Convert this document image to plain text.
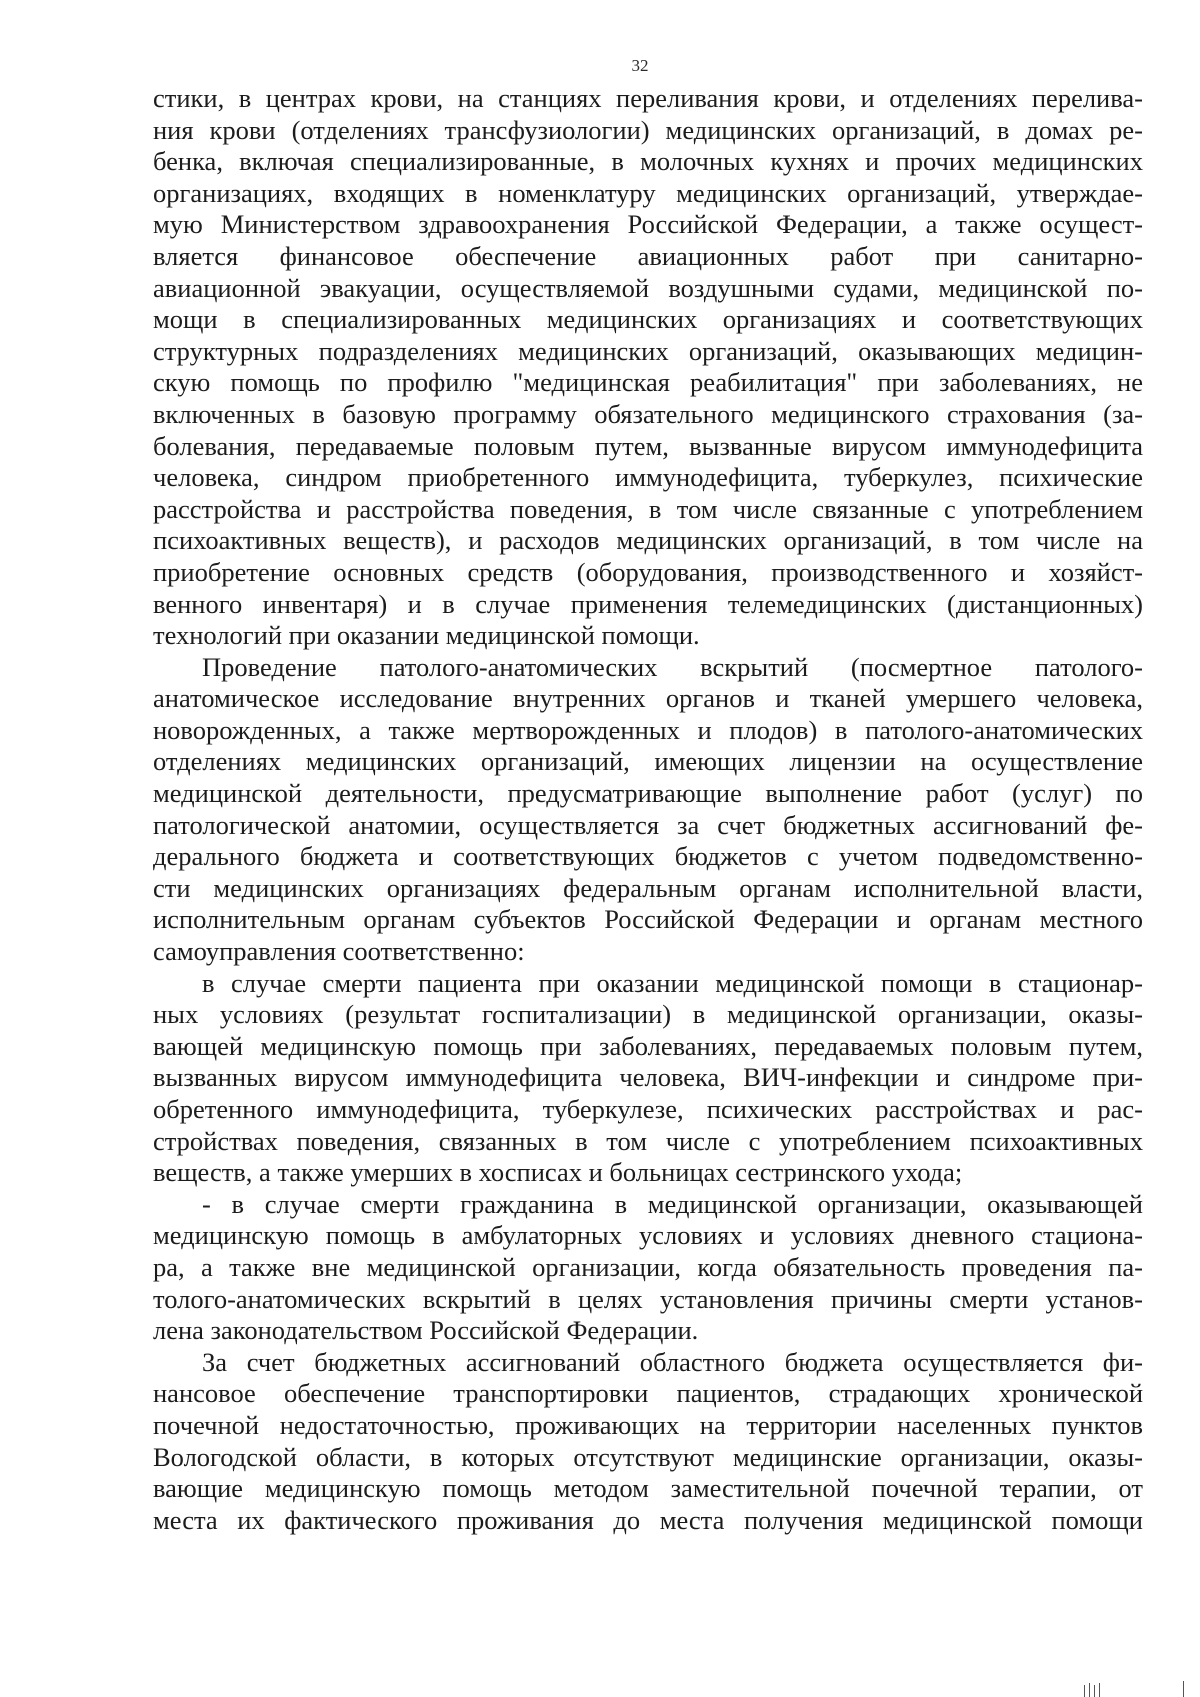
32
стики, в центрах крови, на станциях переливания крови, и отделениях перелива-
ния крови (отделениях трансфузиологии) медицинских организаций, в домах ре-
бенка, включая специализированные, в молочных кухнях и прочих медицинских
организациях, входящих в номенклатуру медицинских организаций, утверждае-
мую Министерством здравоохранения Российской Федерации, а также осущест-
вляется финансовое обеспечение авиационных работ при санитарно-
авиационной эвакуации, осуществляемой воздушными судами, медицинской по-
мощи в специализированных медицинских организациях и соответствующих
структурных подразделениях медицинских организаций, оказывающих медицин-
скую помощь по профилю "медицинская реабилитация" при заболеваниях, не
включенных в базовую программу обязательного медицинского страхования (за-
болевания, передаваемые половым путем, вызванные вирусом иммунодефицита
человека, синдром приобретенного иммунодефицита, туберкулез, психические
расстройства и расстройства поведения, в том числе связанные с употреблением
психоактивных веществ), и расходов медицинских организаций, в том числе на
приобретение основных средств (оборудования, производственного и хозяйст-
венного инвентаря) и в случае применения телемедицинских (дистанционных)
технологий при оказании медицинской помощи.
Проведение патолого-анатомических вскрытий (посмертное патолого-
анатомическое исследование внутренних органов и тканей умершего человека,
новорожденных, а также мертворожденных и плодов) в патолого-анатомических
отделениях медицинских организаций, имеющих лицензии на осуществление
медицинской деятельности, предусматривающие выполнение работ (услуг) по
патологической анатомии, осуществляется за счет бюджетных ассигнований фе-
дерального бюджета и соответствующих бюджетов с учетом подведомственно-
сти медицинских организациях федеральным органам исполнительной власти,
исполнительным органам субъектов Российской Федерации и органам местного
самоуправления соответственно:
в случае смерти пациента при оказании медицинской помощи в стационар-
ных условиях (результат госпитализации) в медицинской организации, оказы-
вающей медицинскую помощь при заболеваниях, передаваемых половым путем,
вызванных вирусом иммунодефицита человека, ВИЧ-инфекции и синдроме при-
обретенного иммунодефицита, туберкулезе, психических расстройствах и рас-
стройствах поведения, связанных в том числе с употреблением психоактивных
веществ, а также умерших в хосписах и больницах сестринского ухода;
- в случае смерти гражданина в медицинской организации, оказывающей
медицинскую помощь в амбулаторных условиях и условиях дневного стациона-
ра, а также вне медицинской организации, когда обязательность проведения па-
толого-анатомических вскрытий в целях установления причины смерти установ-
лена законодательством Российской Федерации.
За счет бюджетных ассигнований областного бюджета осуществляется фи-
нансовое обеспечение транспортировки пациентов, страдающих хронической
почечной недостаточностью, проживающих на территории населенных пунктов
Вологодской области, в которых отсутствуют медицинские организации, оказы-
вающие медицинскую помощь методом заместительной почечной терапии, от
места их фактического проживания до места получения медицинской помощи
